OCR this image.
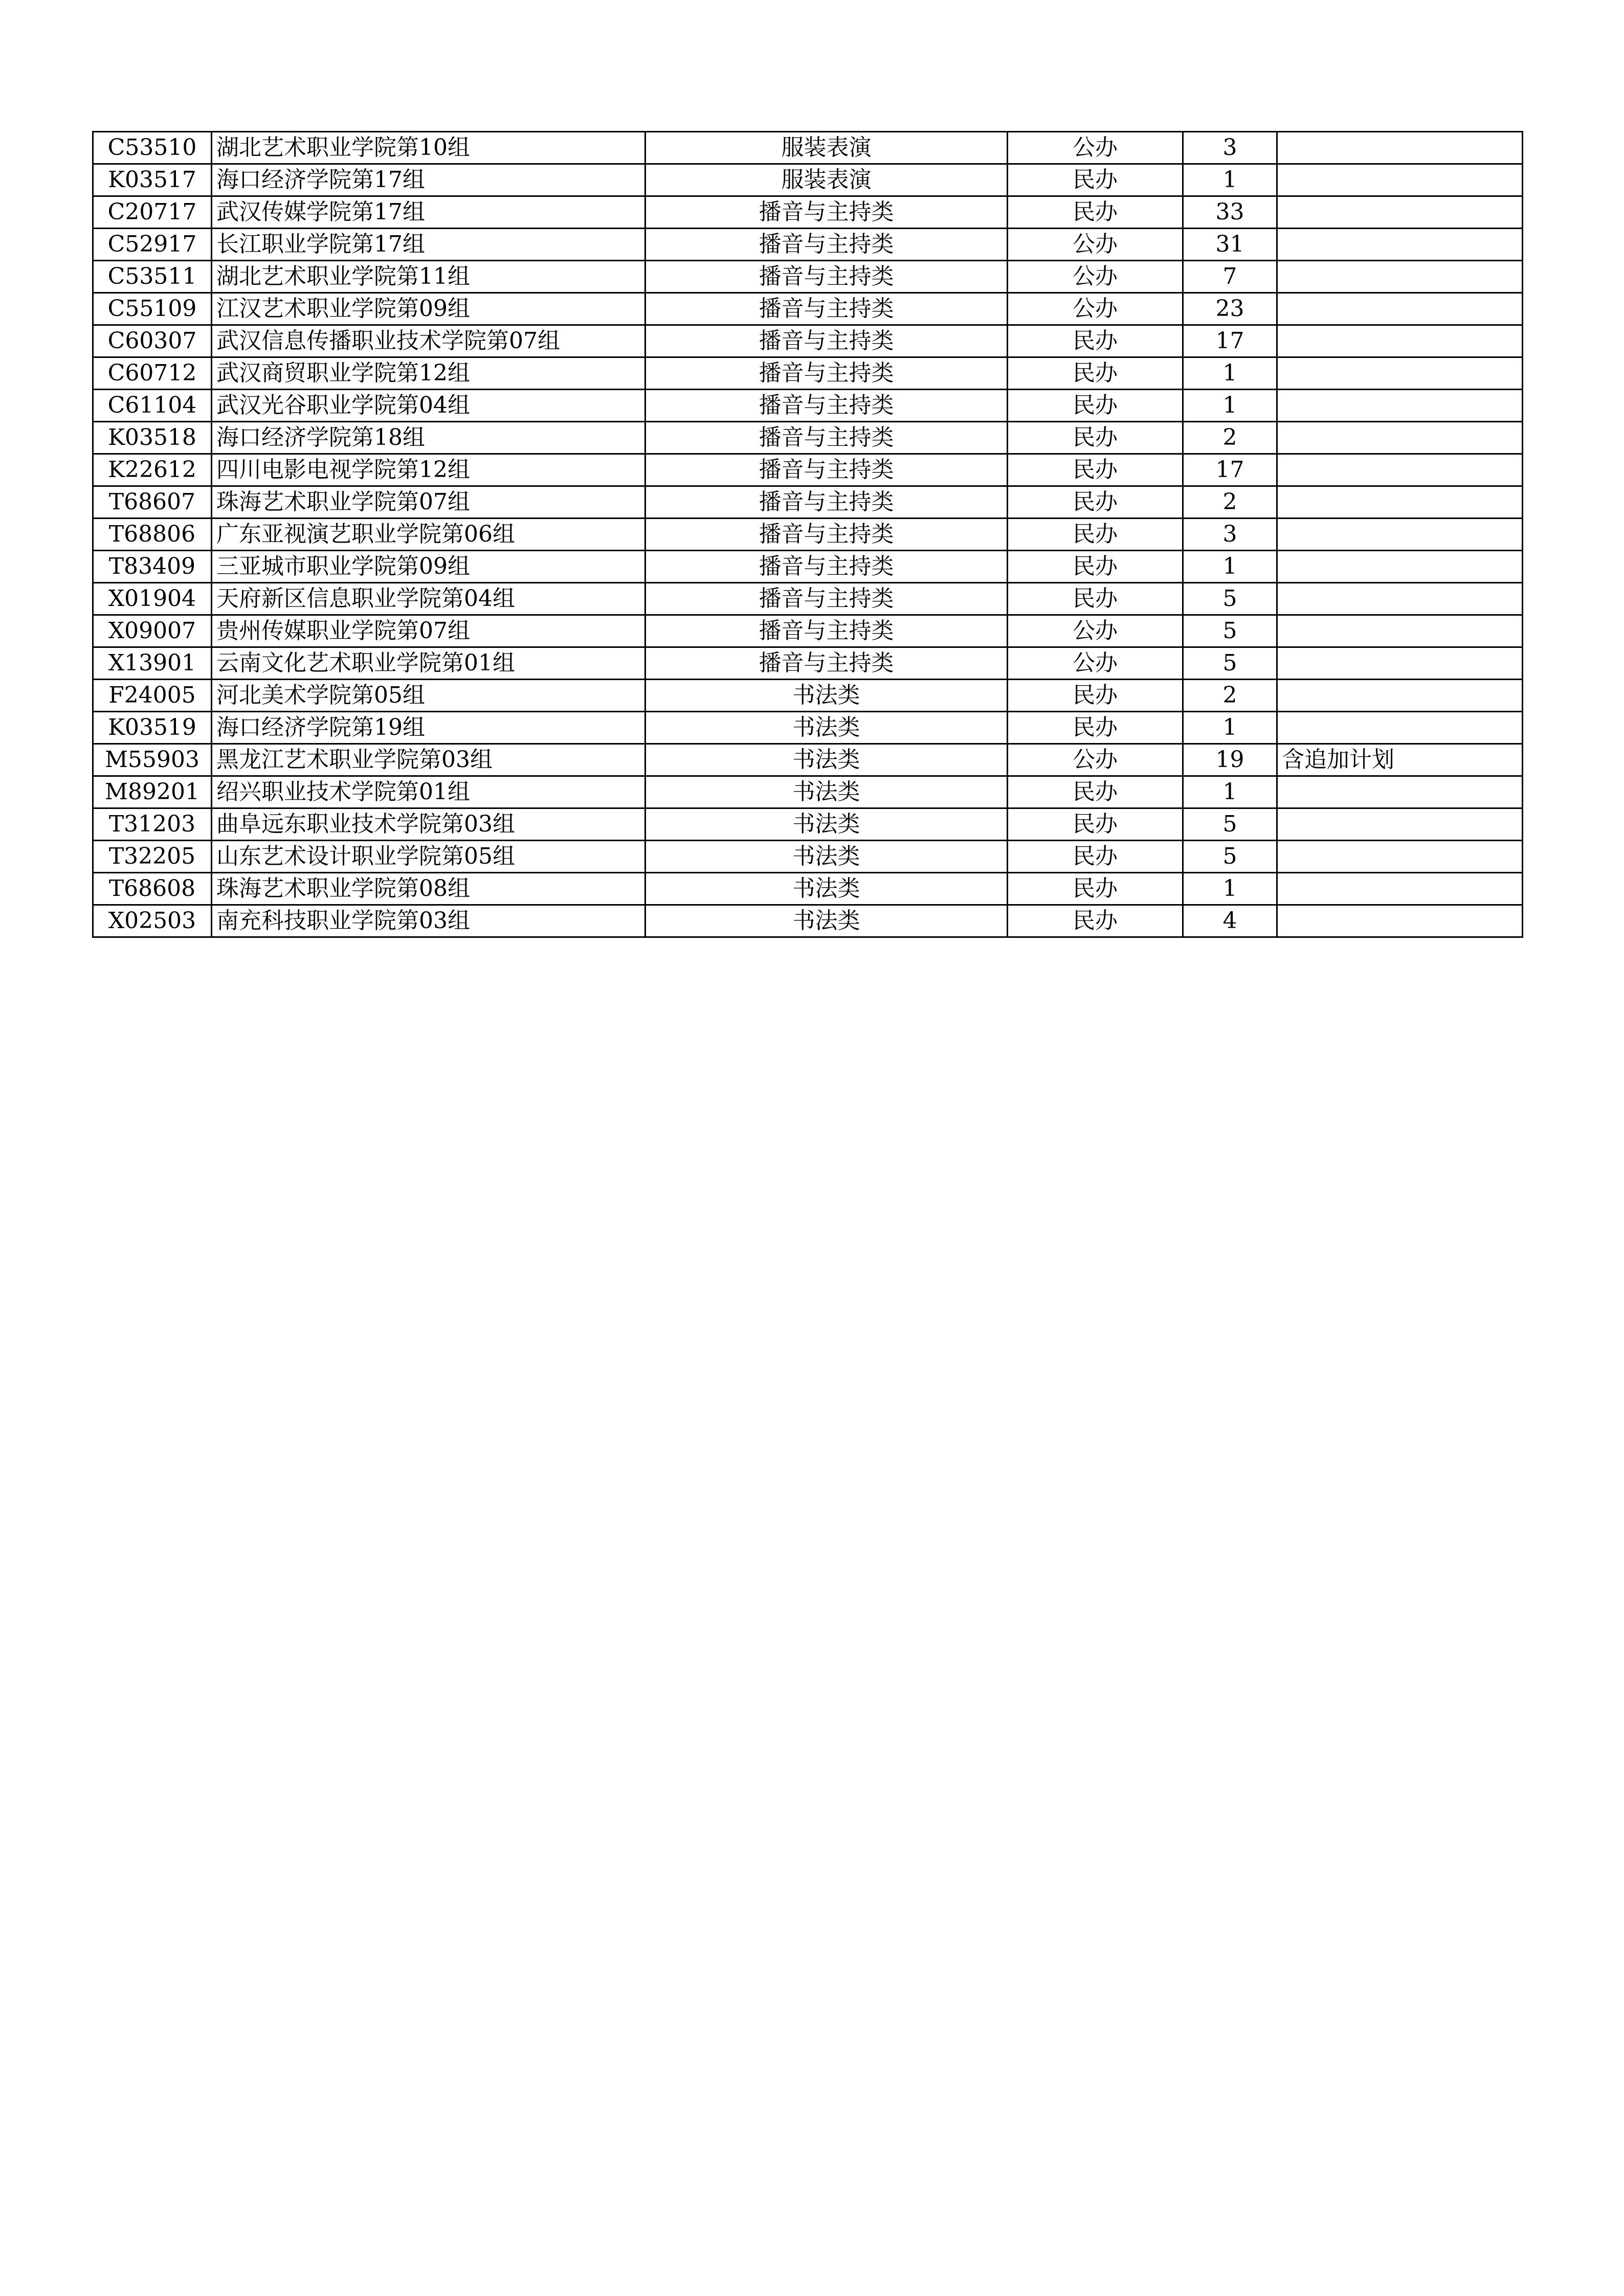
C53510	湖北艺术职业学院第10组	服装表演	公办	3	
K03517	海口经济学院第17组	服装表演	民办	1	
C20717	武汉传媒学院第17组	播音与主持类	民办	33	
C52917	长江职业学院第17组	播音与主持类	公办	31	
C53511	湖北艺术职业学院第11组	播音与主持类	公办	7	
C55109	江汉艺术职业学院第09组	播音与主持类	公办	23	
C60307	武汉信息传播职业技术学院第07组	播音与主持类	民办	17	
C60712	武汉商贸职业学院第12组	播音与主持类	民办	1	
C61104	武汉光谷职业学院第04组	播音与主持类	民办	1	
K03518	海口经济学院第18组	播音与主持类	民办	2	
K22612	四川电影电视学院第12组	播音与主持类	民办	17	
T68607	珠海艺术职业学院第07组	播音与主持类	民办	2	
T68806	广东亚视演艺职业学院第06组	播音与主持类	民办	3	
T83409	三亚城市职业学院第09组	播音与主持类	民办	1	
X01904	天府新区信息职业学院第04组	播音与主持类	民办	5	
X09007	贵州传媒职业学院第07组	播音与主持类	公办	5	
X13901	云南文化艺术职业学院第01组	播音与主持类	公办	5	
F24005	河北美术学院第05组	书法类	民办	2	
K03519	海口经济学院第19组	书法类	民办	1	
M55903	黑龙江艺术职业学院第03组	书法类	公办	19	含追加计划
M89201	绍兴职业技术学院第01组	书法类	民办	1	
T31203	曲阜远东职业技术学院第03组	书法类	民办	5	
T32205	山东艺术设计职业学院第05组	书法类	民办	5	
T68608	珠海艺术职业学院第08组	书法类	民办	1	
X02503	南充科技职业学院第03组	书法类	民办	4	
